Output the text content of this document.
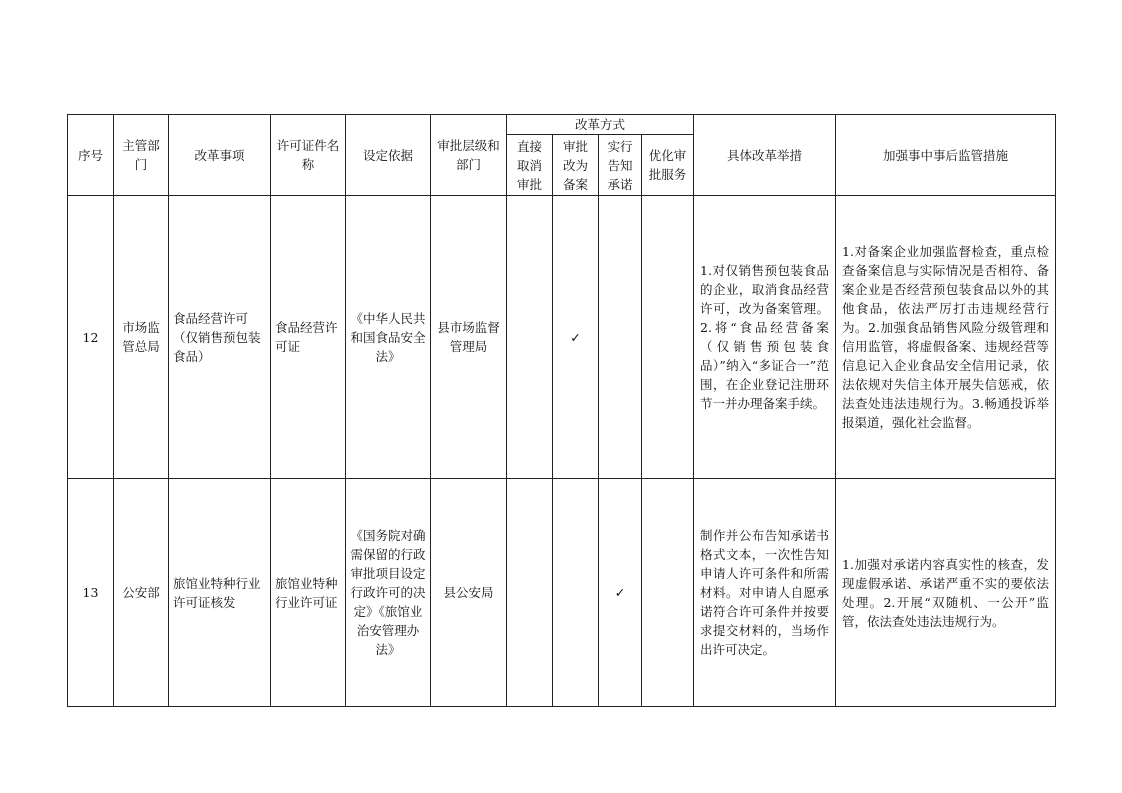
序号	主管部门	改革事项	许可证件名称	设定依据	审批层级和部门	改革方式				具体改革举措	加强事中事后监管措施
						直接取消审批	审批改为备案	实行告知承诺	优化审批服务		
12	市场监管总局	食品经营许可（仅销售预包装食品）	食品经营许可证	《中华人民共和国食品安全法》	县市场监督管理局		✓			1.对仅销售预包装食品的企业，取消食品经营许可，改为备案管理。2.将“食品经营备案（仅销售预包装食品）”纳入“多证合一”范围，在企业登记注册环节一并办理备案手续。	1.对备案企业加强监督检查，重点检查备案信息与实际情况是否相符、备案企业是否经营预包装食品以外的其他食品，依法严厉打击违规经营行为。2.加强食品销售风险分级管理和信用监管，将虚假备案、违规经营等信息记入企业食品安全信用记录，依法依规对失信主体开展失信惩戒，依法查处违法违规行为。3.畅通投诉举报渠道，强化社会监督。
13	公安部	旅馆业特种行业许可证核发	旅馆业特种行业许可证	《国务院对确需保留的行政审批项目设定行政许可的决定》《旅馆业治安管理办法》	县公安局			✓		制作并公布告知承诺书格式文本，一次性告知申请人许可条件和所需材料。对申请人自愿承诺符合许可条件并按要求提交材料的，当场作出许可决定。	1.加强对承诺内容真实性的核查，发现虚假承诺、承诺严重不实的要依法处理。2.开展“双随机、一公开”监管，依法查处违法违规行为。
